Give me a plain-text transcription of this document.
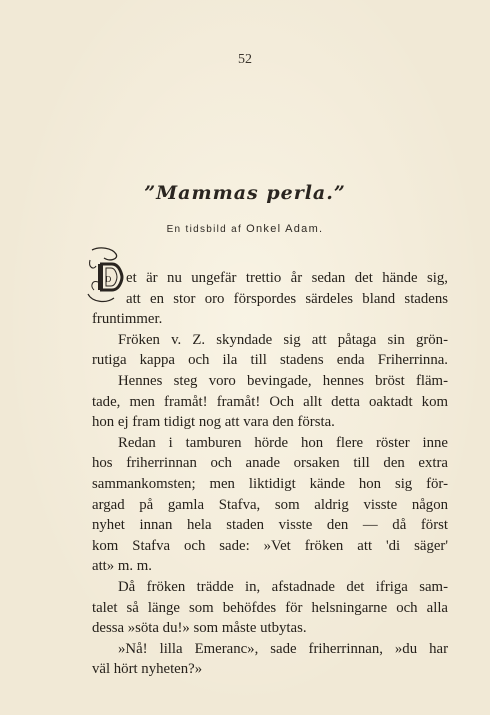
52
”Mammas perla.”
En tidsbild af Onkel Adam.
D et är nu ungefär trettio år sedan det hände sig,
att en stor oro förspordes särdeles bland stadens
fruntimmer.
Fröken v. Z. skyndade sig att påtaga sin grön-
rutiga kappa och ila till stadens enda Friherrinna.
Hennes steg voro bevingade, hennes bröst fläm-
tade, men framåt! framåt! Och allt detta oaktadt kom
hon ej fram tidigt nog att vara den första.
Redan i tamburen hörde hon flere röster inne
hos friherrinnan och anade orsaken till den extra
sammankomsten; men liktidigt kände hon sig för-
argad på gamla Stafva, som aldrig visste någon
nyhet innan hela staden visste den — då först
kom Stafva och sade: »Vet fröken att 'di säger'
att» m. m.
Då fröken trädde in, afstadnade det ifriga sam-
talet så länge som behöfdes för helsningarne och alla
dessa »söta du!» som måste utbytas.
»Nå! lilla Emeranc», sade friherrinnan, »du har
väl hört nyheten?»
